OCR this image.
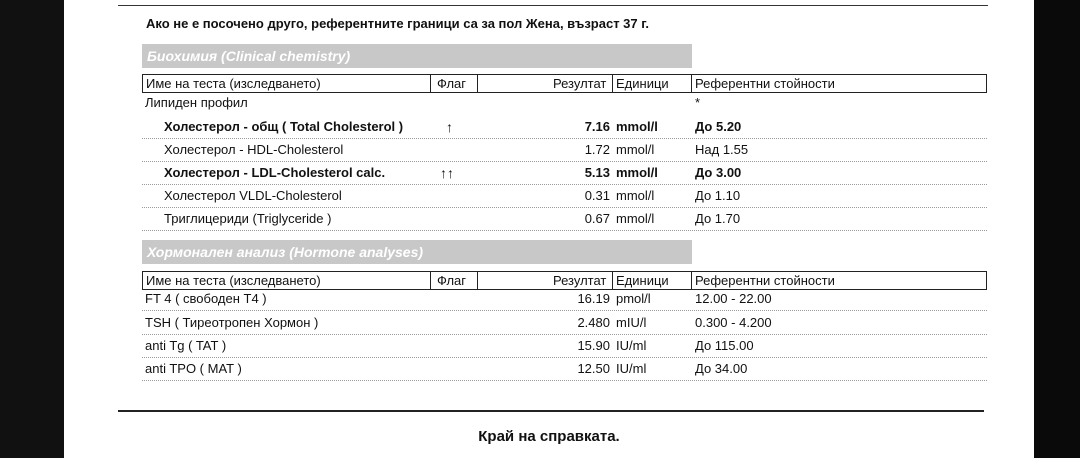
Ако не е посочено друго, референтните граници са за пол Жена, възраст 37 г.
Биохимия (Clinical chemistry)
Име на теста (изследването)	Флаг	Резултат Единици Референтни стойности
Липиден профил	*
Холестерол - общ ( Total Cholesterol )	↑	7.16 mmol/l	До 5.20
Холестерол - HDL-Cholesterol	1.72 mmol/l	Над 1.55
Холестерол - LDL-Cholesterol calc.	↑↑	5.13 mmol/l	До 3.00
Холестерол VLDL-Cholesterol	0.31 mmol/l	До 1.10
Триглицериди (Triglyceride )	0.67 mmol/l	До 1.70
Хормонален анализ (Hormone analyses)
Име на теста (изследването)	Флаг	Резултат Единици Референтни стойности
FT 4 ( свободен T4 )	16.19 pmol/l	12.00 - 22.00
TSH ( Тиреотропен Хормон )	2.480 mIU/l	0.300 - 4.200
anti Tg ( TAT )	15.90 IU/ml	До 115.00
anti TPO ( MAT )	12.50 IU/ml	До 34.00
Край на справката.
